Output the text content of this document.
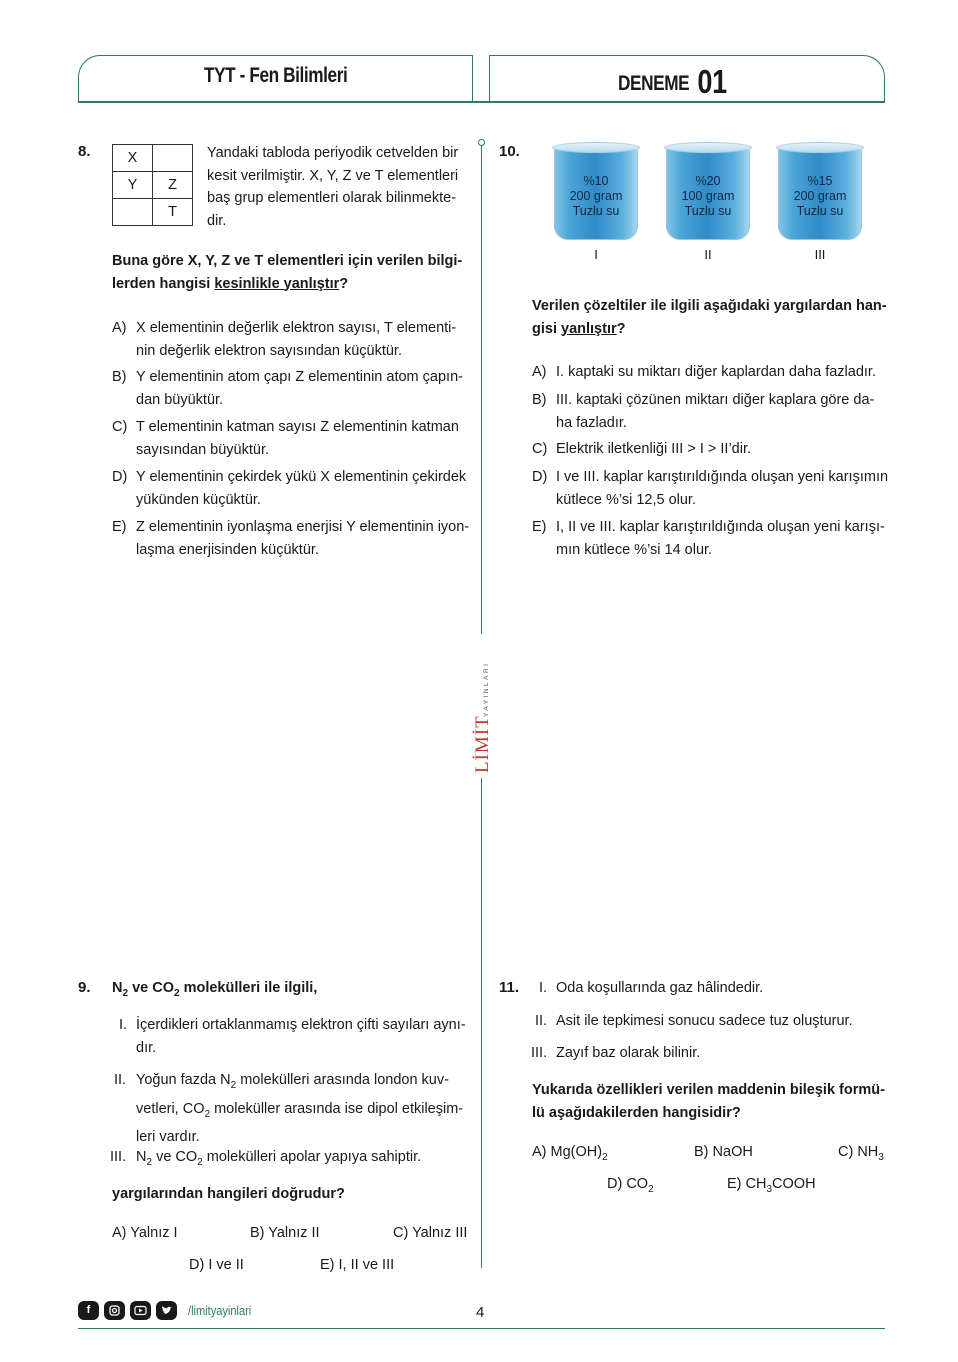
TYT - Fen Bilimleri	DENEME 01
LİMİT
YAYINLARI
8.	X	
Y	Z
	T
Yandaki tabloda periyodik cetvelden bir
kesit verilmiştir. X, Y, Z ve T elementleri
baş grup elementleri olarak bilinmekte-
dir.
Buna göre X, Y, Z ve T elementleri için verilen bilgi-
lerden hangisi kesinlikle yanlıştır?
A) X elementinin değerlik elektron sayısı, T elementi-
nin değerlik elektron sayısından küçüktür.
B) Y elementinin atom çapı Z elementinin atom çapın-
dan büyüktür.
C) T elementinin katman sayısı Z elementinin katman
sayısından büyüktür.
D) Y elementinin çekirdek yükü X elementinin çekirdek
yükünden küçüktür.
E) Z elementinin iyonlaşma enerjisi Y elementinin iyon-
laşma enerjisinden küçüktür.
9. $N_2$ ve $CO_2$ molekülleri ile ilgili,
I. İçerdikleri ortaklanmamış elektron çifti sayıları aynı-
dır.
II. Yoğun fazda $N_2$ molekülleri arasında london kuv-
vetleri, $CO_2$ moleküller arasında ise dipol etkileşim-
leri vardır.
III. $N_2$ ve $CO_2$ molekülleri apolar yapıya sahiptir.
yargılarından hangileri doğrudur?
A) Yalnız I	B) Yalnız II	C) Yalnız III
D) I ve II	E) I, II ve III
10.
%10
200 gram
Tuzlu su
%20
100 gram
Tuzlu su
%15
200 gram
Tuzlu su
I	II	III
Verilen çözeltiler ile ilgili aşağıdaki yargılardan han-
gisi yanlıştır?
A) I. kaptaki su miktarı diğer kaplardan daha fazladır.
B) III. kaptaki çözünen miktarı diğer kaplara göre da-
ha fazladır.
C) Elektrik iletkenliği III > I > II’dir.
D) I ve III. kaplar karıştırıldığında oluşan yeni karışımın
kütlece %’si 12,5 olur.
E) I, II ve III. kaplar karıştırıldığında oluşan yeni karışı-
mın kütlece %’si 14 olur.
11. I. Oda koşullarında gaz hâlindedir.
II. Asit ile tepkimesi sonucu sadece tuz oluşturur.
III. Zayıf baz olarak bilinir.
Yukarıda özellikleri verilen maddenin bileşik formü-
lü aşağıdakilerden hangisidir?
A) $Mg(OH)_2$	B) NaOH	C) $NH_3$
D) $CO_2$	E) $CH_3COOH$
f	/limityayinlari	4
